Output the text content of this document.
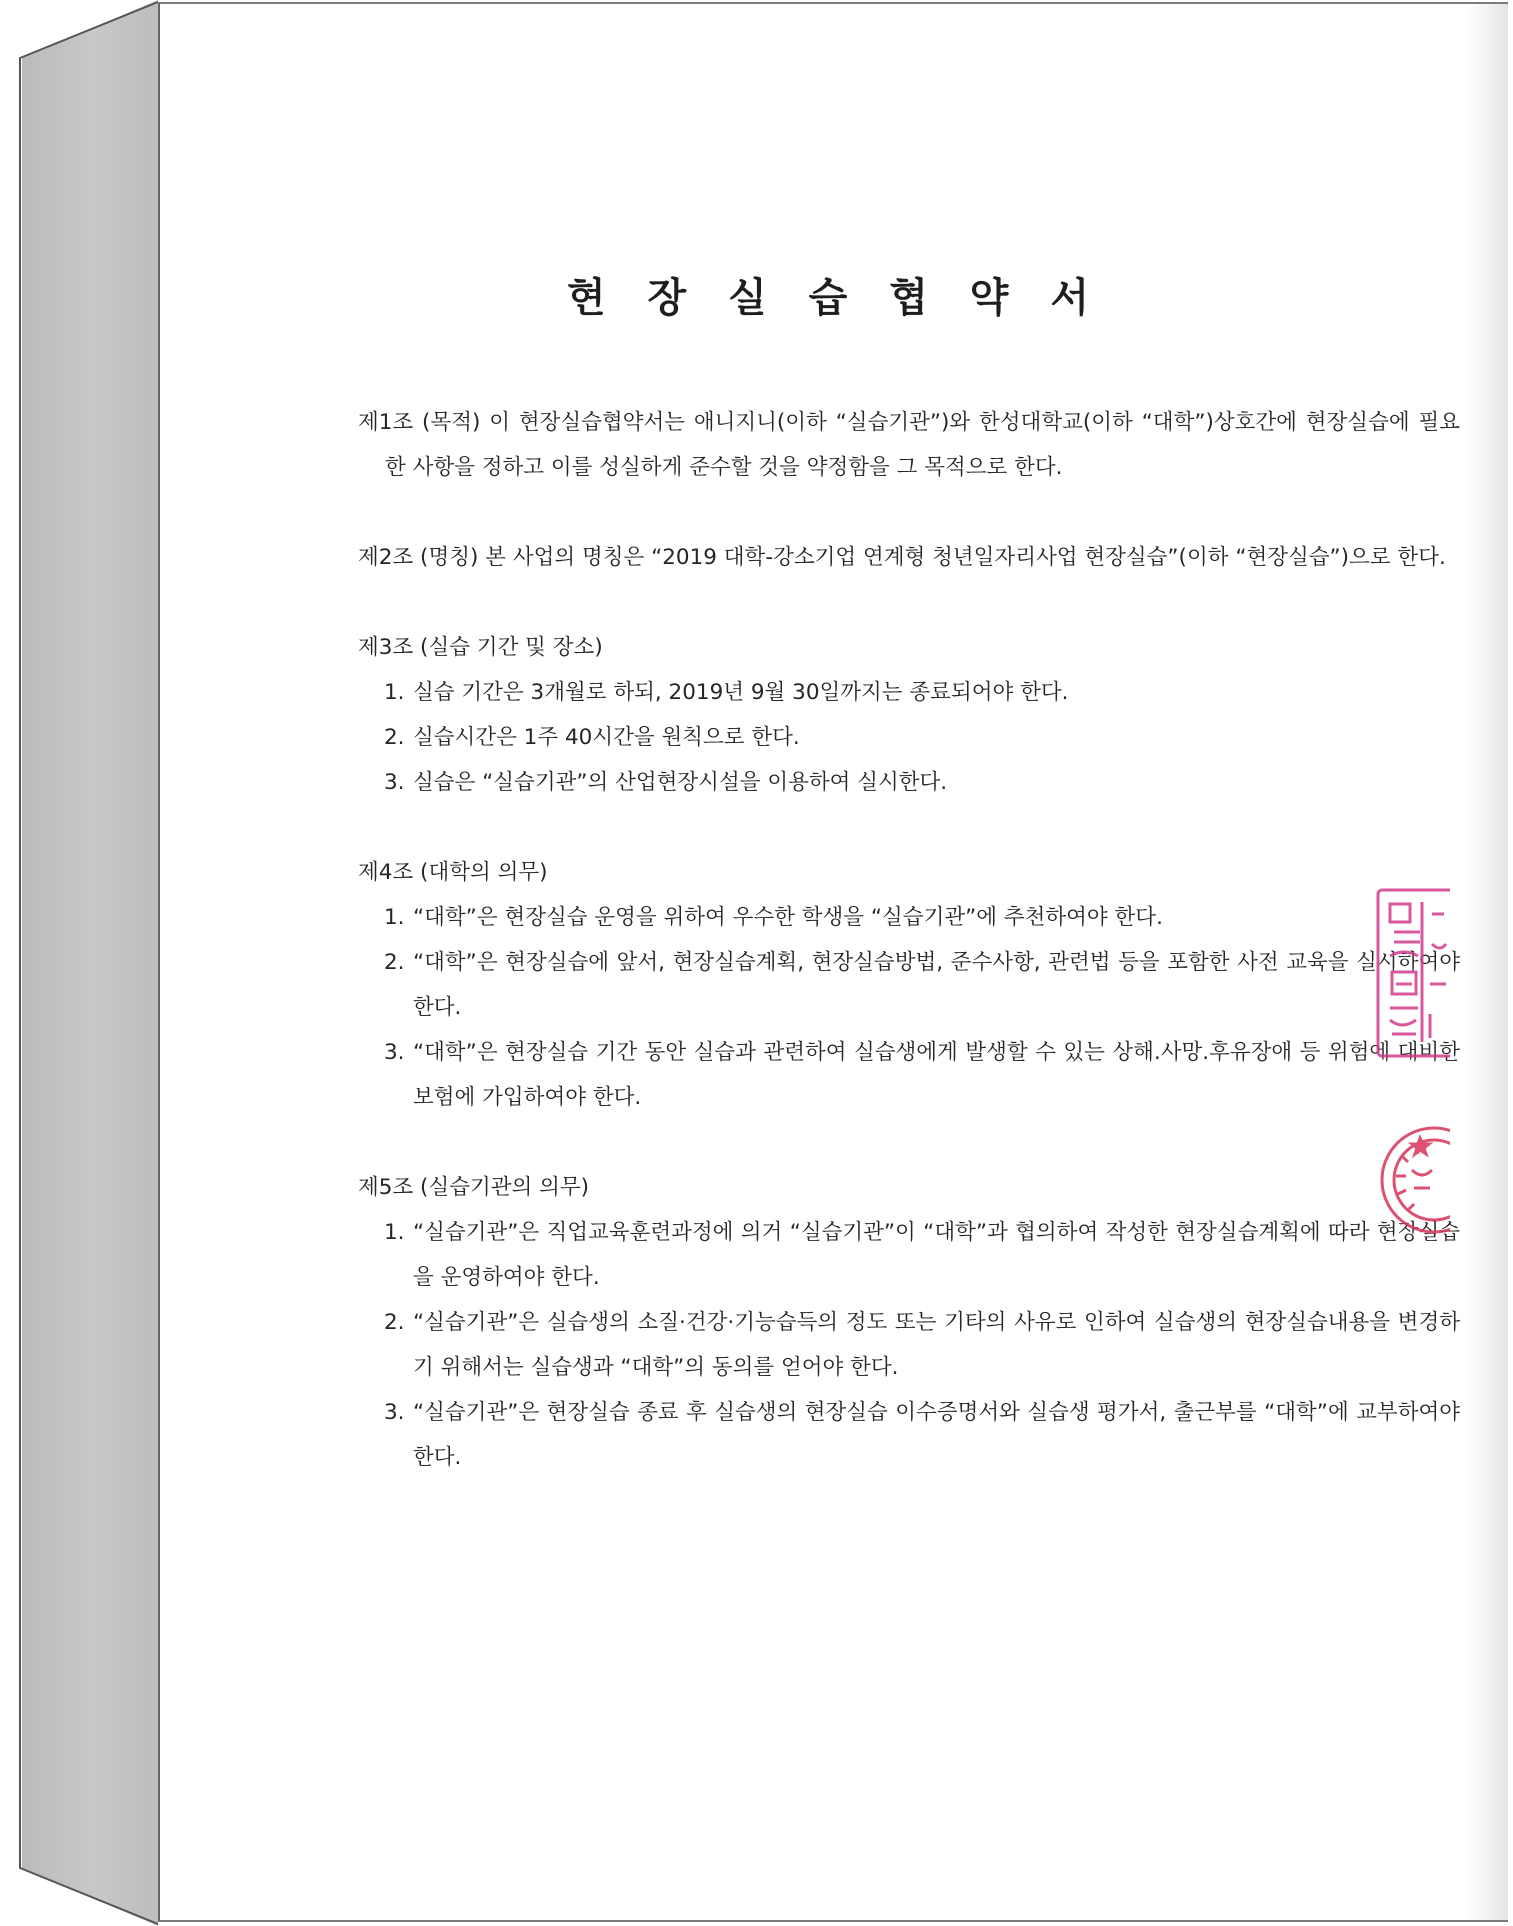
현 장 실 습 협 약 서

제1조 (목적) 이 현장실습협약서는 애니지니(이하 “실습기관”)와 한성대학교(이하 “대학”)상호간에 현장실습에 필요한 사항을 정하고 이를 성실하게 준수할 것을 약정함을 그 목적으로 한다.

제2조 (명칭) 본 사업의 명칭은 “2019 대학-강소기업 연계형 청년일자리사업 현장실습”(이하 “현장실습”)으로 한다.

제3조 (실습 기간 및 장소)

1. 실습 기간은 3개월로 하되, 2019년 9월 30일까지는 종료되어야 한다.
2. 실습시간은 1주 40시간을 원칙으로 한다.
3. 실습은 “실습기관”의 산업현장시설을 이용하여 실시한다.

제4조 (대학의 의무)

1. “대학”은 현장실습 운영을 위하여 우수한 학생을 “실습기관”에 추천하여야 한다.
2. “대학”은 현장실습에 앞서, 현장실습계획, 현장실습방법, 준수사항, 관련법 등을 포함한 사전 교육을 실시하여야 한다.
3. “대학”은 현장실습 기간 동안 실습과 관련하여 실습생에게 발생할 수 있는 상해.사망.후유장애 등 위험에 대비한 보험에 가입하여야 한다.

제5조 (실습기관의 의무)

1. “실습기관”은 직업교육훈련과정에 의거 “실습기관”이 “대학”과 협의하여 작성한 현장실습계획에 따라 현장실습을 운영하여야 한다.
2. “실습기관”은 실습생의 소질·건강·기능습득의 정도 또는 기타의 사유로 인하여 실습생의 현장실습내용을 변경하기 위해서는 실습생과 “대학”의 동의를 얻어야 한다.
3. “실습기관”은 현장실습 종료 후 실습생의 현장실습 이수증명서와 실습생 평가서, 출근부를 “대학”에 교부하여야 한다.
